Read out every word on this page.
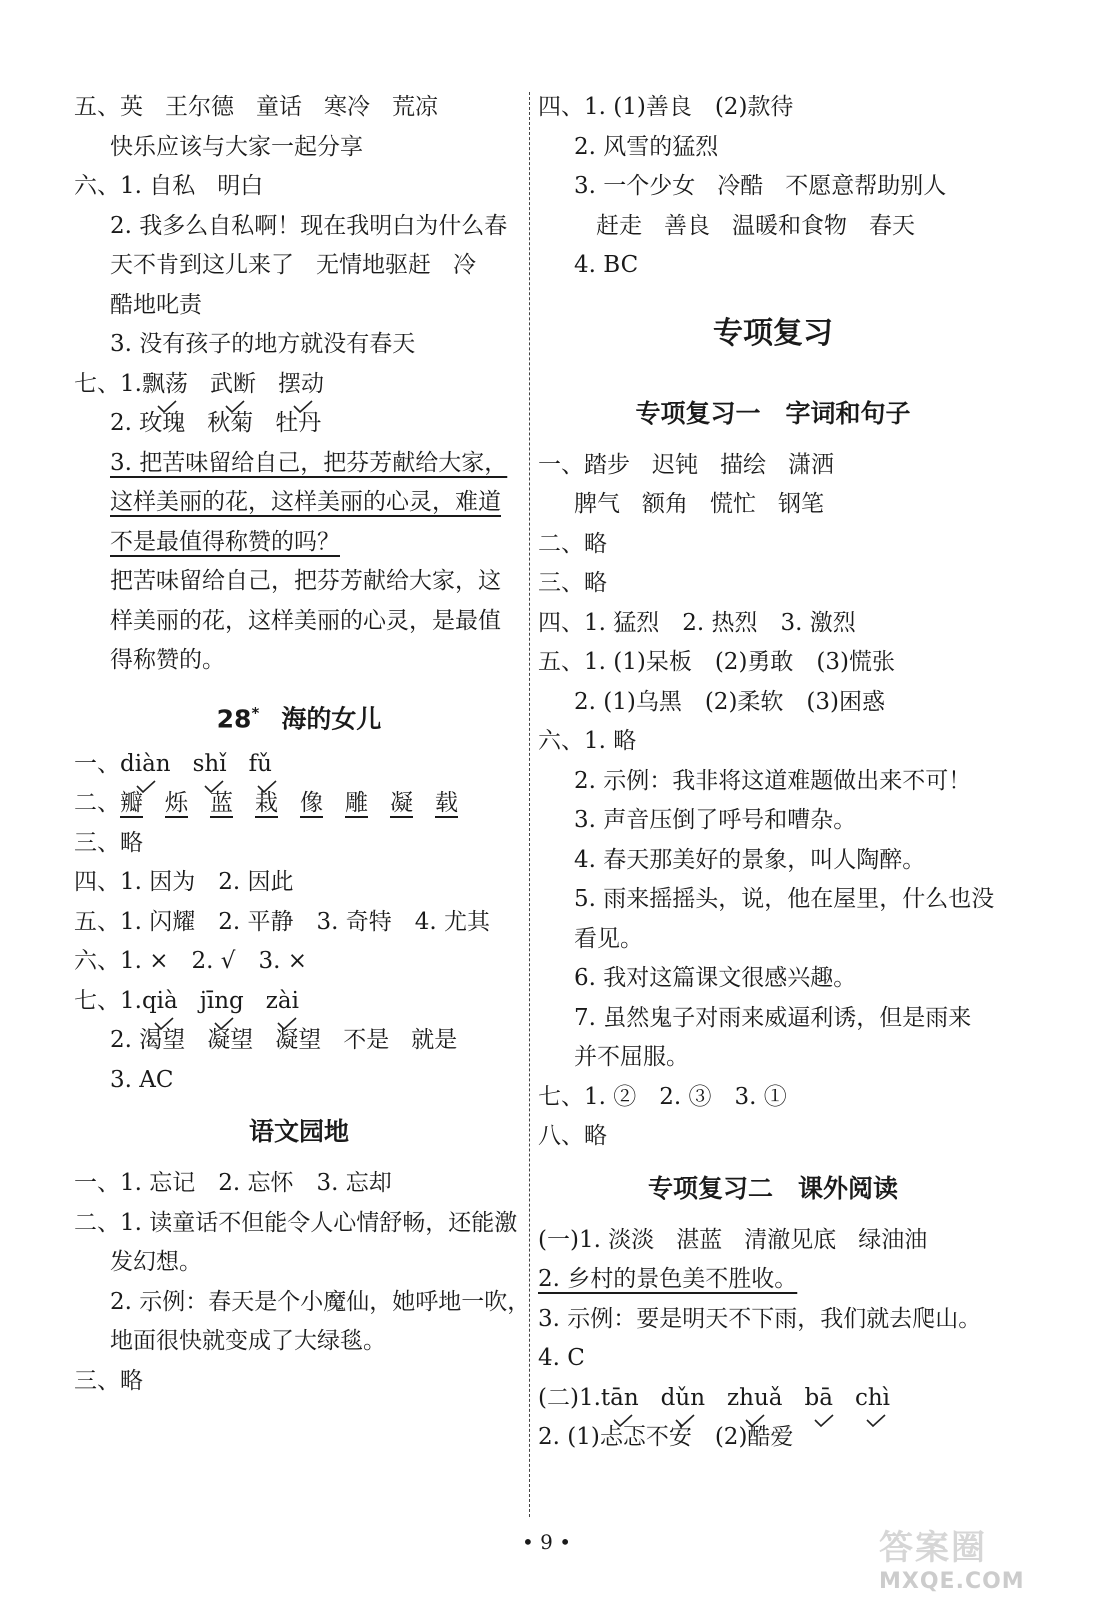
五、英 王尔德 童话 寒冷 荒凉
快乐应该与大家一起分享
六、1. 自私 明白
2. 我多么自私啊！现在我明白为什么春
天不肯到这儿来了 无情地驱赶 冷
酷地叱责
3. 没有孩子的地方就没有春天
七、1.飘荡 武断 摆动
2. 玫瑰 秋菊 牡丹
3. 把苦味留给自己，把芬芳献给大家，
这样美丽的花，这样美丽的心灵，难道
不是最值得称赞的吗？
把苦味留给自己，把芬芳献给大家，这
样美丽的花，这样美丽的心灵，是最值
得称赞的。
28* 海的女儿
一、diàn shǐ fǔ
二、瓣 烁 蓝 栽 像 雕 凝 载
三、略
四、1. 因为　2. 因此
五、1. 闪耀　2. 平静　3. 奇特　4. 尤其
六、1. ×　2. √　3. ×
七、1.qià jīng zài
2. 渴望 凝望 凝望 不是 就是
3. AC
语文园地
一、1. 忘记　2. 忘怀　3. 忘却
二、1. 读童话不但能令人心情舒畅，还能激
发幻想。
2. 示例：春天是个小魔仙，她呼地一吹，
地面很快就变成了大绿毯。
三、略
四、1. (1)善良　(2)款待
2. 风雪的猛烈
3. 一个少女 冷酷 不愿意帮助别人
赶走 善良 温暖和食物 春天
4. BC
专项复习
专项复习一　字词和句子
一、踏步 迟钝 描绘 潇洒
脾气 额角 慌忙 钢笔
二、略
三、略
四、1. 猛烈　2. 热烈　3. 激烈
五、1. (1)呆板　(2)勇敢　(3)慌张
2. (1)乌黑　(2)柔软　(3)困惑
六、1. 略
2. 示例：我非将这道难题做出来不可！
3. 声音压倒了呼号和嘈杂。
4. 春天那美好的景象，叫人陶醉。
5. 雨来摇摇头，说，他在屋里，什么也没
看见。
6. 我对这篇课文很感兴趣。
7. 虽然鬼子对雨来威逼利诱，但是雨来
并不屈服。
七、1. ②　2. ③　3. ①
八、略
专项复习二　课外阅读
(一)1. 淡淡 湛蓝 清澈见底 绿油油
2. 乡村的景色美不胜收。
3. 示例：要是明天不下雨，我们就去爬山。
4. C
(二)1.tān dǔn zhuǎ bā chì
2. (1)忐忑不安　(2)酷爱
• 9 •	答案圈
MXQE.COM
